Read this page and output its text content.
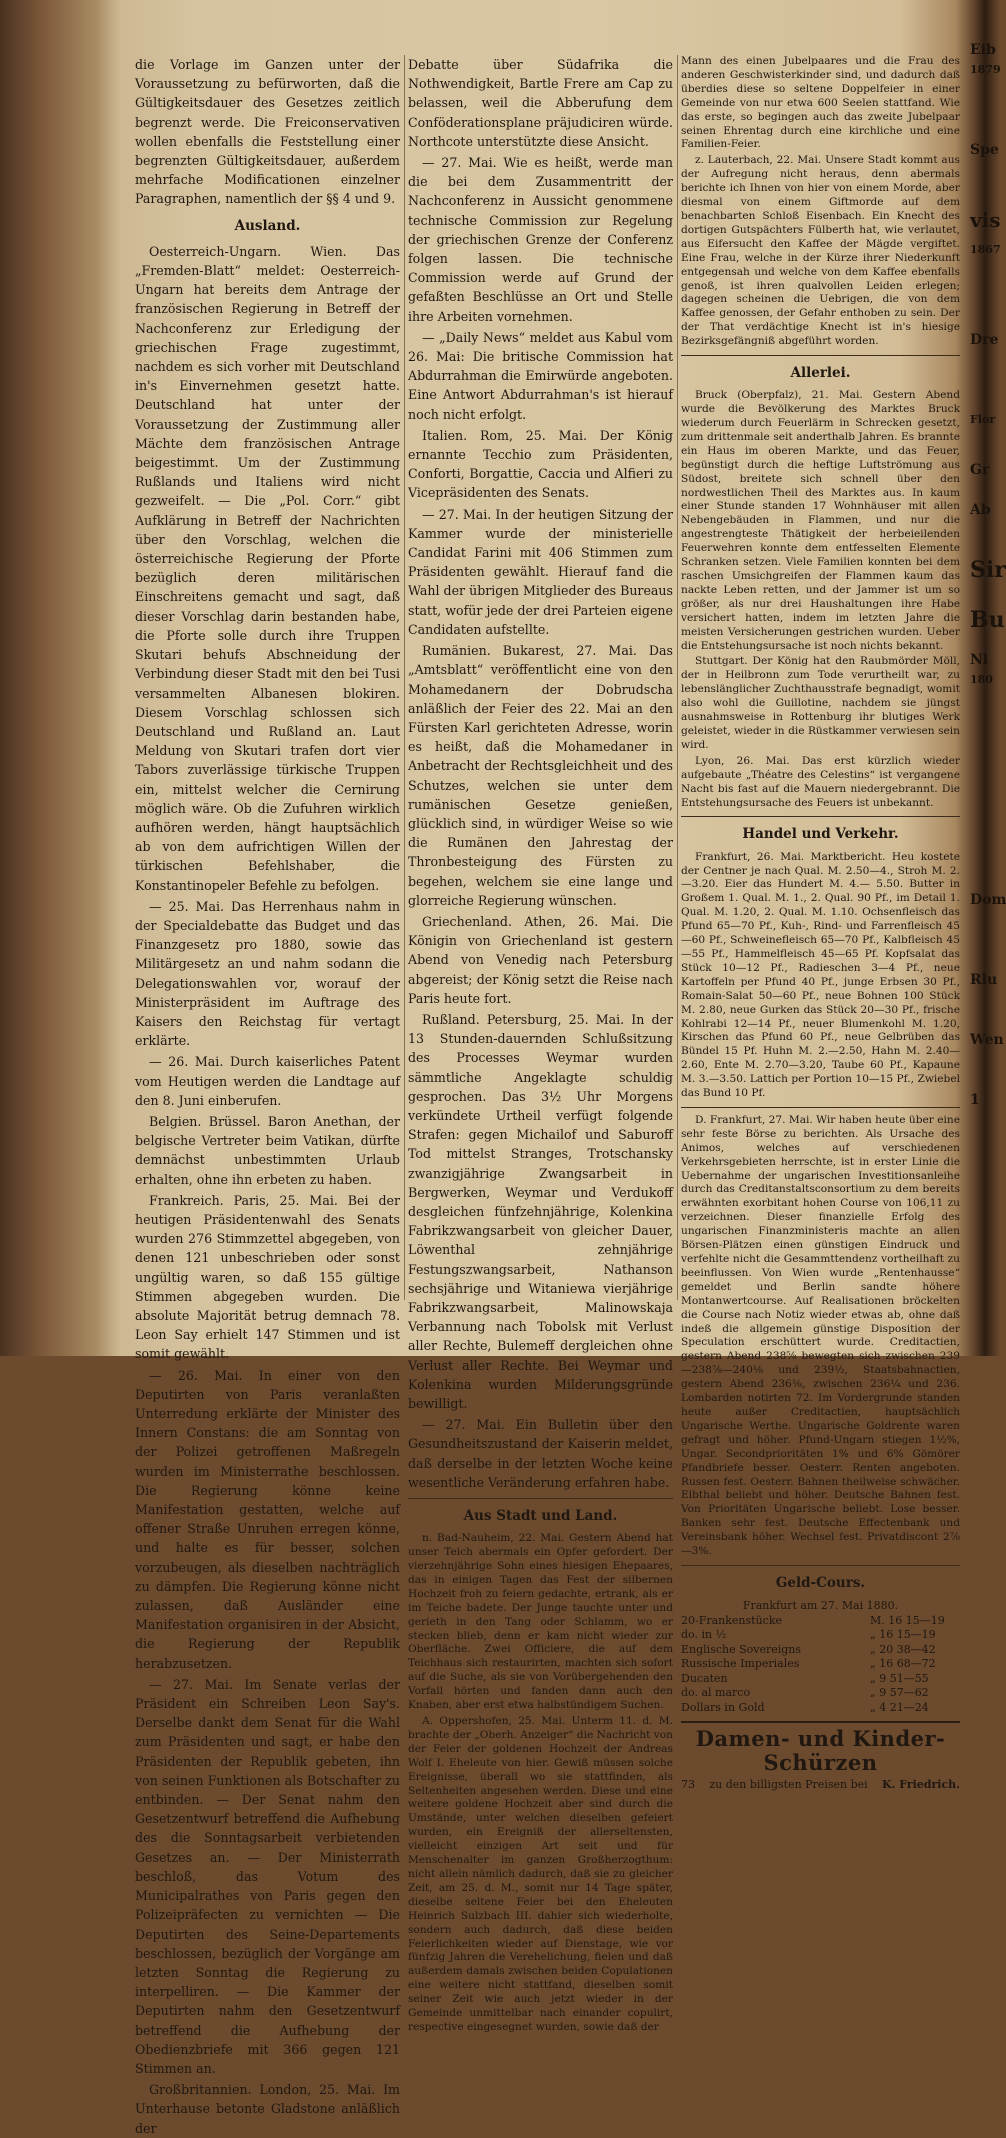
die Vorlage im Ganzen unter der Voraussetzung zu befürworten, daß die Gültigkeitsdauer des Gesetzes zeitlich begrenzt werde. Die Freiconservativen wollen ebenfalls die Feststellung einer begrenzten Gültigkeitsdauer, außerdem mehrfache Modificationen einzelner Paragraphen, namentlich der §§ 4 und 9.

Ausland.

Oesterreich-Ungarn. Wien. Das „Fremden-Blatt“ meldet: Oesterreich-Ungarn hat bereits dem Antrage der französischen Regierung in Betreff der Nachconferenz zur Erledigung der griechischen Frage zugestimmt, nachdem es sich vorher mit Deutschland in's Einvernehmen gesetzt hatte. Deutschland hat unter der Voraussetzung der Zustimmung aller Mächte dem französischen Antrage beigestimmt. Um der Zustimmung Rußlands und Italiens wird nicht gezweifelt. — Die „Pol. Corr.“ gibt Aufklärung in Betreff der Nachrichten über den Vorschlag, welchen die österreichische Regierung der Pforte bezüglich deren militärischen Einschreitens gemacht und sagt, daß dieser Vorschlag darin bestanden habe, die Pforte solle durch ihre Truppen Skutari behufs Abschneidung der Verbindung dieser Stadt mit den bei Tusi versammelten Albanesen blokiren. Diesem Vorschlag schlossen sich Deutschland und Rußland an. Laut Meldung von Skutari trafen dort vier Tabors zuverlässige türkische Truppen ein, mittelst welcher die Cernirung möglich wäre. Ob die Zufuhren wirklich aufhören werden, hängt hauptsächlich ab von dem aufrichtigen Willen der türkischen Befehlshaber, die Konstantinopeler Befehle zu befolgen.

— 25. Mai. Das Herrenhaus nahm in der Specialdebatte das Budget und das Finanzgesetz pro 1880, sowie das Militärgesetz an und nahm sodann die Delegationswahlen vor, worauf der Ministerpräsident im Auftrage des Kaisers den Reichstag für vertagt erklärte.

— 26. Mai. Durch kaiserliches Patent vom Heutigen werden die Landtage auf den 8. Juni einberufen.

Belgien. Brüssel. Baron Anethan, der belgische Vertreter beim Vatikan, dürfte demnächst unbestimmten Urlaub erhalten, ohne ihn erbeten zu haben.

Frankreich. Paris, 25. Mai. Bei der heutigen Präsidentenwahl des Senats wurden 276 Stimmzettel abgegeben, von denen 121 unbeschrieben oder sonst ungültig waren, so daß 155 gültige Stimmen abgegeben wurden. Die absolute Majorität betrug demnach 78. Leon Say erhielt 147 Stimmen und ist somit gewählt.

— 26. Mai. In einer von den Deputirten von Paris veranlaßten Unterredung erklärte der Minister des Innern Constans: die am Sonntag von der Polizei getroffenen Maßregeln wurden im Ministerrathe beschlossen. Die Regierung könne keine Manifestation gestatten, welche auf offener Straße Unruhen erregen könne, und halte es für besser, solchen vorzubeugen, als dieselben nachträglich zu dämpfen. Die Regierung könne nicht zulassen, daß Ausländer eine Manifestation organisiren in der Absicht, die Regierung der Republik herabzusetzen.

— 27. Mai. Im Senate verlas der Präsident ein Schreiben Leon Say's. Derselbe dankt dem Senat für die Wahl zum Präsidenten und sagt, er habe den Präsidenten der Republik gebeten, ihn von seinen Funktionen als Botschafter zu entbinden. — Der Senat nahm den Gesetzentwurf betreffend die Aufhebung des die Sonntagsarbeit verbietenden Gesetzes an. — Der Ministerrath beschloß, das Votum des Municipalrathes von Paris gegen den Polizeipräfecten zu vernichten — Die Deputirten des Seine-Departements beschlossen, bezüglich der Vorgänge am letzten Sonntag die Regierung zu interpelliren. — Die Kammer der Deputirten nahm den Gesetzentwurf betreffend die Aufhebung der Obedienzbriefe mit 366 gegen 121 Stimmen an.

Großbritannien. London, 25. Mai. Im Unterhause betonte Gladstone anläßlich der

Debatte über Südafrika die Nothwendigkeit, Bartle Frere am Cap zu belassen, weil die Abberufung dem Conföderationsplane präjudiciren würde. Northcote unterstützte diese Ansicht.

— 27. Mai. Wie es heißt, werde man die bei dem Zusammentritt der Nachconferenz in Aussicht genommene technische Commission zur Regelung der griechischen Grenze der Conferenz folgen lassen. Die technische Commission werde auf Grund der gefaßten Beschlüsse an Ort und Stelle ihre Arbeiten vornehmen.

— „Daily News“ meldet aus Kabul vom 26. Mai: Die britische Commission hat Abdurrahman die Emirwürde angeboten. Eine Antwort Abdurrahman's ist hierauf noch nicht erfolgt.

Italien. Rom, 25. Mai. Der König ernannte Tecchio zum Präsidenten, Conforti, Borgattie, Caccia und Alfieri zu Vicepräsidenten des Senats.

— 27. Mai. In der heutigen Sitzung der Kammer wurde der ministerielle Candidat Farini mit 406 Stimmen zum Präsidenten gewählt. Hierauf fand die Wahl der übrigen Mitglieder des Bureaus statt, wofür jede der drei Parteien eigene Candidaten aufstellte.

Rumänien. Bukarest, 27. Mai. Das „Amtsblatt“ veröffentlicht eine von den Mohamedanern der Dobrudscha anläßlich der Feier des 22. Mai an den Fürsten Karl gerichteten Adresse, worin es heißt, daß die Mohamedaner in Anbetracht der Rechtsgleichheit und des Schutzes, welchen sie unter dem rumänischen Gesetze genießen, glücklich sind, in würdiger Weise so wie die Rumänen den Jahrestag der Thronbesteigung des Fürsten zu begehen, welchem sie eine lange und glorreiche Regierung wünschen.

Griechenland. Athen, 26. Mai. Die Königin von Griechenland ist gestern Abend von Venedig nach Petersburg abgereist; der König setzt die Reise nach Paris heute fort.

Rußland. Petersburg, 25. Mai. In der 13 Stunden-dauernden Schlußsitzung des Processes Weymar wurden sämmtliche Angeklagte schuldig gesprochen. Das 3½ Uhr Morgens verkündete Urtheil verfügt folgende Strafen: gegen Michailof und Saburoff Tod mittelst Stranges, Trotschansky zwanzigjährige Zwangsarbeit in Bergwerken, Weymar und Verdukoff desgleichen fünfzehnjährige, Kolenkina Fabrikzwangsarbeit von gleicher Dauer, Löwenthal zehnjährige Festungszwangsarbeit, Nathanson sechsjährige und Witaniewa vierjährige Fabrikzwangsarbeit, Malinowskaja Verbannung nach Tobolsk mit Verlust aller Rechte, Bulemeff dergleichen ohne Verlust aller Rechte. Bei Weymar und Kolenkina wurden Milderungsgründe bewilligt.

— 27. Mai. Ein Bulletin über den Gesundheitszustand der Kaiserin meldet, daß derselbe in der letzten Woche keine wesentliche Veränderung erfahren habe.

Aus Stadt und Land.

n. Bad-Nauheim, 22. Mai. Gestern Abend hat unser Teich abermals ein Opfer gefordert. Der vierzehnjährige Sohn eines hiesigen Ehepaares, das in einigen Tagen das Fest der silbernen Hochzeit froh zu feiern gedachte, ertrank, als er im Teiche badete. Der Junge tauchte unter und gerieth in den Tang oder Schlamm, wo er stecken blieb, denn er kam nicht wieder zur Oberfläche. Zwei Officiere, die auf dem Teichhaus sich restaurirten, machten sich sofort auf die Suche, als sie von Vorübergehenden den Vorfall hörten und fanden dann auch den Knaben, aber erst etwa halbstündigem Suchen.

A. Oppershofen, 25. Mai. Unterm 11. d. M. brachte der „Oberh. Anzeiger“ die Nachricht von der Feier der goldenen Hochzeit der Andreas Wolf I. Eheleute von hier. Gewiß müssen solche Ereignisse, überall wo sie stattfinden, als Seltenheiten angesehen werden. Diese und eine weitere goldene Hochzeit aber sind durch die Umstände, unter welchen dieselben gefeiert wurden, ein Ereigniß der allerseltensten, vielleicht einzigen Art seit und für Menschenalter im ganzen Großherzogthum: nicht allein nämlich dadurch, daß sie zu gleicher Zeit, am 25. d. M., somit nur 14 Tage später, dieselbe seltene Feier bei den Eheleuten Heinrich Sulzbach III. dahier sich wiederholte, sondern auch dadurch, daß diese beiden Feierlichkeiten wieder auf Dienstage, wie vor fünfzig Jahren die Verehelichung, fielen und daß außerdem damals zwischen beiden Copulationen eine weitere nicht stattfand, dieselben somit seiner Zeit wie auch jetzt wieder in der Gemeinde unmittelbar nach einander copulirt, respective eingesegnet wurden, sowie daß der

Mann des einen Jubelpaares und die Frau des anderen Geschwisterkinder sind, und dadurch daß überdies diese so seltene Doppelfeier in einer Gemeinde von nur etwa 600 Seelen stattfand. Wie das erste, so begingen auch das zweite Jubelpaar seinen Ehrentag durch eine kirchliche und eine Familien-Feier.

z. Lauterbach, 22. Mai. Unsere Stadt kommt aus der Aufregung nicht heraus, denn abermals berichte ich Ihnen von hier von einem Morde, aber diesmal von einem Giftmorde auf dem benachbarten Schloß Eisenbach. Ein Knecht des dortigen Gutspächters Fülberth hat, wie verlautet, aus Eifersucht den Kaffee der Mägde vergiftet. Eine Frau, welche in der Kürze ihrer Niederkunft entgegensah und welche von dem Kaffee ebenfalls genoß, ist ihren qualvollen Leiden erlegen; dagegen scheinen die Uebrigen, die von dem Kaffee genossen, der Gefahr enthoben zu sein. Der der That verdächtige Knecht ist in's hiesige Bezirksgefängniß abgeführt worden.

Allerlei.

Bruck (Oberpfalz), 21. Mai. Gestern Abend wurde die Bevölkerung des Marktes Bruck wiederum durch Feuerlärm in Schrecken gesetzt, zum drittenmale seit anderthalb Jahren. Es brannte ein Haus im oberen Markte, und das Feuer, begünstigt durch die heftige Luftströmung aus Südost, breitete sich schnell über den nordwestlichen Theil des Marktes aus. In kaum einer Stunde standen 17 Wohnhäuser mit allen Nebengebäuden in Flammen, und nur die angestrengteste Thätigkeit der herbeieilenden Feuerwehren konnte dem entfesselten Elemente Schranken setzen. Viele Familien konnten bei dem raschen Umsichgreifen der Flammen kaum das nackte Leben retten, und der Jammer ist um so größer, als nur drei Haushaltungen ihre Habe versichert hatten, indem im letzten Jahre die meisten Versicherungen gestrichen wurden. Ueber die Entstehungsursache ist noch nichts bekannt.

Stuttgart. Der König hat den Raubmörder Möll, der in Heilbronn zum Tode verurtheilt war, zu lebenslänglicher Zuchthausstrafe begnadigt, womit also wohl die Guillotine, nachdem sie jüngst ausnahmsweise in Rottenburg ihr blutiges Werk geleistet, wieder in die Rüstkammer verwiesen sein wird.

Lyon, 26. Mai. Das erst kürzlich wieder aufgebaute „Théatre des Celestins“ ist vergangene Nacht bis fast auf die Mauern niedergebrannt. Die Entstehungsursache des Feuers ist unbekannt.

Handel und Verkehr.

Frankfurt, 26. Mai. Marktbericht. Heu kostete der Centner je nach Qual. M. 2.50—4., Stroh M. 2.—3.20. Eier das Hundert M. 4.— 5.50. Butter in Großem 1. Qual. M. 1., 2. Qual. 90 Pf., im Detail 1. Qual. M. 1.20, 2. Qual. M. 1.10. Ochsenfleisch das Pfund 65—70 Pf., Kuh-, Rind- und Farrenfleisch 45—60 Pf., Schweinefleisch 65—70 Pf., Kalbfleisch 45—55 Pf., Hammelfleisch 45—65 Pf. Kopfsalat das Stück 10—12 Pf., Radieschen 3—4 Pf., neue Kartoffeln per Pfund 40 Pf., junge Erbsen 30 Pf., Romain-Salat 50—60 Pf., neue Bohnen 100 Stück M. 2.80, neue Gurken das Stück 20—30 Pf., frische Kohlrabi 12—14 Pf., neuer Blumenkohl M. 1.20, Kirschen das Pfund 60 Pf., neue Gelbrüben das Bündel 15 Pf. Huhn M. 2.—2.50, Hahn M. 2.40—2.60, Ente M. 2.70—3.20, Taube 60 Pf., Kapaune M. 3.—3.50. Lattich per Portion 10—15 Pf., Zwiebel das Bund 10 Pf.

D. Frankfurt, 27. Mai. Wir haben heute über eine sehr feste Börse zu berichten. Als Ursache des Animos, welches auf verschiedenen Verkehrsgebieten herrschte, ist in erster Linie die Uebernahme der ungarischen Investitionsanleihe durch das Creditanstaltsconsortium zu dem bereits erwähnten exorbitant hohen Course von 106,11 zu verzeichnen. Dieser finanzielle Erfolg des ungarischen Finanzministeris machte an allen Börsen-Plätzen einen günstigen Eindruck und verfehlte nicht die Gesammttendenz vortheilhaft zu beeinflussen. Von Wien wurde „Rentenhausse“ gemeldet und Berlin sandte höhere Montanwertcourse. Auf Realisationen bröckelten die Course nach Notiz wieder etwas ab, ohne daß indeß die allgemein günstige Disposition der Speculation erschüttert wurde. Creditactien, gestern Abend 238⅝ bewegten sich zwischen 239—238⅞—240⅛ und 239½, Staatsbahnactien, gestern Abend 236⅜, zwischen 236¼ und 236. Lombarden notirten 72. Im Vordergrunde standen heute außer Creditactien, hauptsächlich Ungarische Werthe. Ungarische Goldrente waren gefragt und höher. Pfund-Ungarn stiegen 1½%, Ungar. Secondprioritäten 1% und 6% Gömörer Pfandbriefe besser. Oesterr. Renten angeboten. Russen fest. Oesterr. Bahnen theilweise schwächer. Elbthal beliebt und höher. Deutsche Bahnen fest. Von Prioritäten Ungarische beliebt. Lose besser. Banken sehr fest. Deutsche Effectenbank und Vereinsbank höher. Wechsel fest. Privatdiscont 2⅞—3%.

Geld-Cours.
Frankfurt am 27. Mai 1880.
20-Frankenstücke	M. 16 15—19
do. in ½	„ 16 15—19
Englische Sovereigns	„ 20 38—42
Russische Imperiales	„ 16 68—72
Ducaten	„ 9 51—55
do. al marco	„ 9 57—62
Dollars in Gold	„ 4 21—24
Damen- und Kinder-Schürzen
73 zu den billigsten Preisen bei K. Friedrich.
Eib
1879
Spe
vis
1867
Dre
Flor
Gr
Ab
Sir
Bu
Nl
180
Dom
Rlu
Wen
1
